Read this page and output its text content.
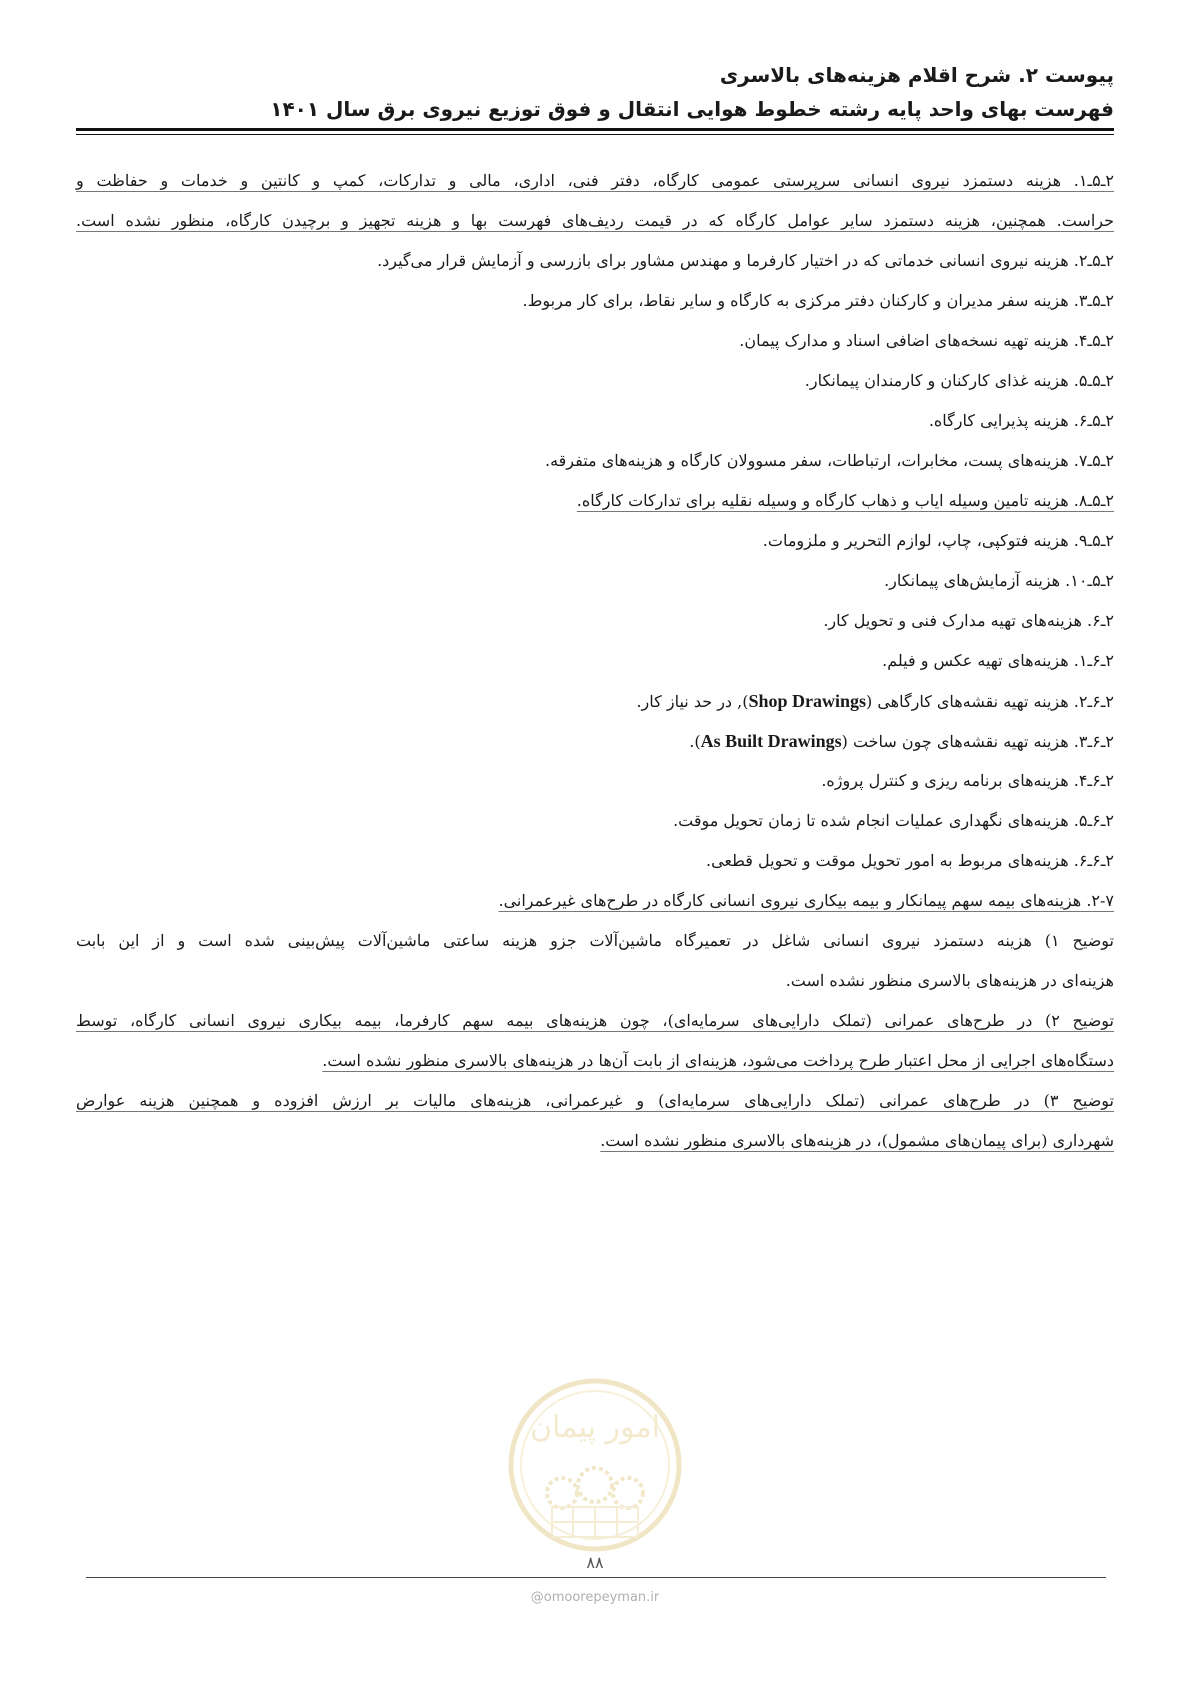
پیوست ۲. شرح اقلام هزینه‌های بالاسری
فهرست بهای واحد پایه رشته خطوط هوایی انتقال و فوق توزیع نیروی برق سال ۱۴۰۱
۲ـ۵ـ۱. هزینه دستمزد نیروی انسانی سرپرستی عمومی کارگاه، دفتر فنی، اداری، مالی و تدارکات، کمپ و کانتین و خدمات و حفاظت و
حراست. همچنین، هزینه دستمزد سایر عوامل کارگاه که در قیمت ردیف‌های فهرست بها و هزینه تجهیز و برچیدن کارگاه، منظور نشده است.
۲ـ۵ـ۲. هزینه نیروی انسانی خدماتی که در اختیار کارفرما و مهندس مشاور برای بازرسی و آزمایش قرار می‌گیرد.
۲ـ۵ـ۳. هزینه سفر مدیران و کارکنان دفتر مرکزی به کارگاه و سایر نقاط، برای کار مربوط.
۲ـ۵ـ۴. هزینه تهیه نسخه‌های اضافی اسناد و مدارک پیمان.
۲ـ۵ـ۵. هزینه غذای کارکنان و کارمندان پیمانکار.
۲ـ۵ـ۶. هزینه پذیرایی کارگاه.
۲ـ۵ـ۷. هزینه‌های پست، مخابرات، ارتباطات، سفر مسوولان کارگاه و هزینه‌های متفرقه.
۲ـ۵ـ۸. هزینه تامین وسیله ایاب و ذهاب کارگاه و وسیله نقلیه برای تدارکات کارگاه.
۲ـ۵ـ۹. هزینه فتوکپی، چاپ، لوازم التحریر و ملزومات.
۲ـ۵ـ۱۰. هزینه آزمایش‌های پیمانکار.
۲ـ۶. هزینه‌های تهیه مدارک فنی و تحویل کار.
۲ـ۶ـ۱. هزینه‌های تهیه عکس و فیلم.
۲ـ۶ـ۲. هزینه تهیه نقشه‌های کارگاهی (Shop Drawings), در حد نیاز کار.
۲ـ۶ـ۳. هزینه تهیه نقشه‌های چون ساخت (As Built Drawings).
۲ـ۶ـ۴. هزینه‌های برنامه ریزی و کنترل پروژه.
۲ـ۶ـ۵. هزینه‌های نگهداری عملیات انجام شده تا زمان تحویل موقت.
۲ـ۶ـ۶. هزینه‌های مربوط به امور تحویل موقت و تحویل قطعی.
۲-۷. هزینه‌های بیمه سهم پیمانکار و بیمه بیکاری نیروی انسانی کارگاه در طرح‌های غیرعمرانی.
توضیح ۱) هزینه دستمزد نیروی انسانی شاغل در تعمیرگاه ماشین‌آلات جزو هزینه ساعتی ماشین‌آلات پیش‌بینی شده است و از این بابت
هزینه‌ای در هزینه‌های بالاسری منظور نشده است.
توضیح ۲) در طرح‌های عمرانی (تملک دارایی‌های سرمایه‌ای)، چون هزینه‌های بیمه سهم کارفرما، بیمه بیکاری نیروی انسانی کارگاه، توسط
دستگاه‌های اجرایی از محل اعتبار طرح پرداخت می‌شود، هزینه‌ای از بابت آن‌ها در هزینه‌های بالاسری منظور نشده است.
توضیح ۳) در طرح‌های عمرانی (تملک دارایی‌های سرمایه‌ای) و غیرعمرانی، هزینه‌های مالیات بر ارزش افزوده و همچنین هزینه عوارض
شهرداری (برای پیمان‌های مشمول)، در هزینه‌های بالاسری منظور نشده است.
امور پیمان
۸۸
@omoorepeyman.ir
